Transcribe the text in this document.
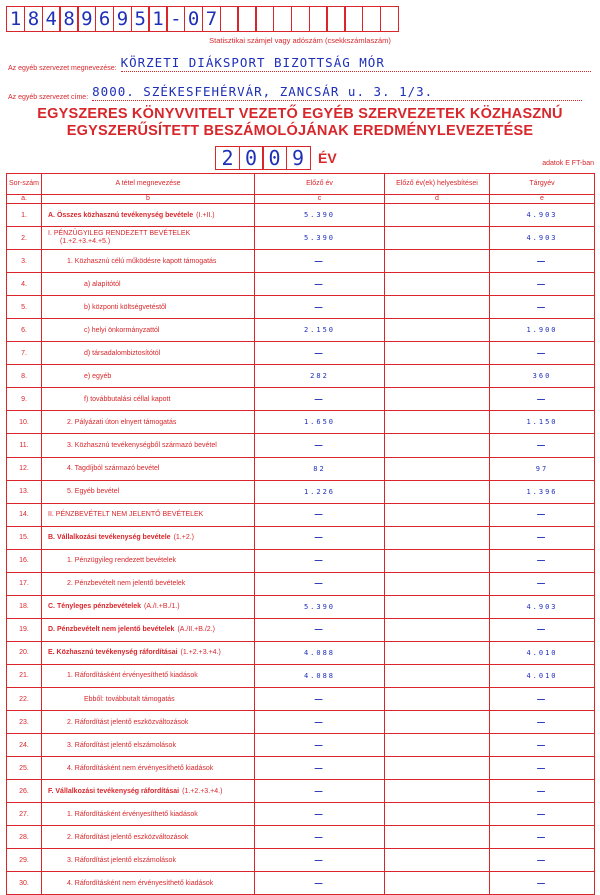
1 8 4 8 9 6 9 5 1 - 0 7
Statisztikai számjel vagy adószám (csekkszámlaszám)
Az egyéb szervezet megnevezése: KÖRZETI DIÁKSPORT BIZOTTSÁG MÓR
Az egyéb szervezet címe: 8000. SZÉKESFEHÉRVÁR, ZANCSÁR u. 3. 1/3.
EGYSZERES KÖNYVVITELT VEZETŐ EGYÉB SZERVEZETEK KÖZHASZNÚ
EGYSZERŰSÍTETT BESZÁMOLÓJÁNAK EREDMÉNYLEVEZETÉSE
2 0 0 9 ÉV	adatok E FT-ban
Sor-szám	A tétel megnevezése	Előző év	Előző év(ek) helyesbítései	Tárgyév
a.	b	c	d	e
1.	A. Összes közhasznú tevékenység bevétele (I.+II.)	5.390		4.903
2.	I. PÉNZÜGYILEG RENDEZETT BEVÉTELEK
(1.+2.+3.+4.+5.)	5.390		4.903
3.	1. Közhasznú célú működésre kapott támogatás	—		—
4.	a) alapítótól	—		—
5.	b) központi költségvetéstől	—		—
6.	c) helyi önkormányzattól	2.150		1.900
7.	d) társadalombiztosítótól	—		—
8.	e) egyéb	282		360
9.	f) továbbutalási céllal kapott	—		—
10.	2. Pályázati úton elnyert támogatás	1.650		1.150
11.	3. Közhasznú tevékenységből származó bevétel	—		—
12.	4. Tagdíjból származó bevétel	82		97
13.	5. Egyéb bevétel	1.226		1.396
14.	II. PÉNZBEVÉTELT NEM JELENTŐ BEVÉTELEK	—		—
15.	B. Vállalkozási tevékenység bevétele (1.+2.)	—		—
16.	1. Pénzügyileg rendezett bevételek	—		—
17.	2. Pénzbevételt nem jelentő bevételek	—		—
18.	C. Tényleges pénzbevételek (A./I.+B./1.)	5.390		4.903
19.	D. Pénzbevételt nem jelentő bevételek (A./II.+B./2.)	—		—
20.	E. Közhasznú tevékenység ráfordításai (1.+2.+3.+4.)	4.088		4.010
21.	1. Ráfordításként érvényesíthető kiadások	4.088		4.010
22.	Ebből: továbbutalt támogatás	—		—
23.	2. Ráfordítást jelentő eszközváltozások	—		—
24.	3. Ráfordítást jelentő elszámolások	—		—
25.	4. Ráfordításként nem érvényesíthető kiadások	—		—
26.	F. Vállalkozási tevékenység ráfordításai (1.+2.+3.+4.)	—		—
27.	1. Ráfordításként érvényesíthető kiadások	—		—
28.	2. Ráfordítást jelentő eszközváltozások	—		—
29.	3. Ráfordítást jelentő elszámolások	—		—
30.	4. Ráfordításként nem érvényesíthető kiadások	—		—
